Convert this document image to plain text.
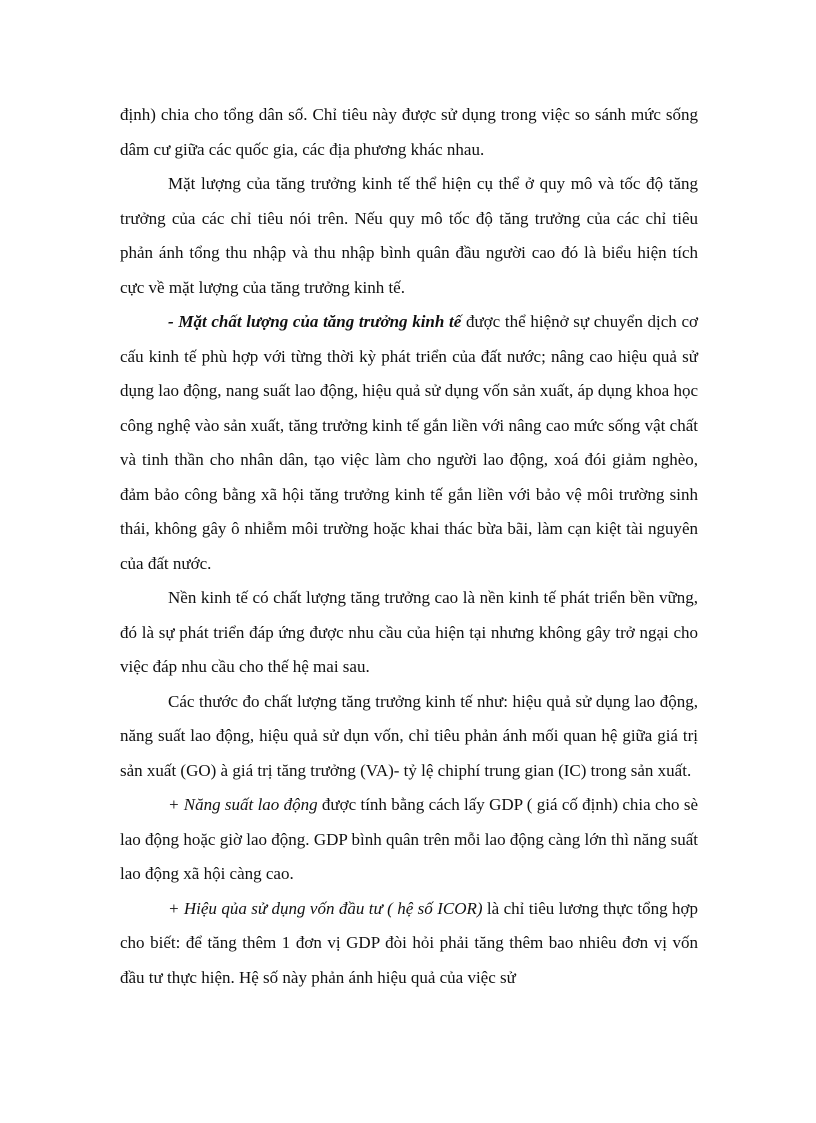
định) chia cho tổng dân số. Chỉ tiêu này được sử dụng trong việc so sánh mức sống dâm cư giữa các quốc gia, các địa phương khác nhau.

Mặt lượng của tăng trưởng kinh tế thể hiện cụ thể ở quy mô và tốc độ tăng trưởng của các chỉ tiêu nói trên. Nếu quy mô tốc độ tăng trưởng của các chỉ tiêu phản ánh tổng thu nhập và thu nhập bình quân đầu người cao đó là biểu hiện tích cực về mặt lượng của tăng trưởng kinh tế.

- Mặt chất lượng của tăng trưởng kinh tế được thể hiệnở sự chuyển dịch cơ cấu kinh tế phù hợp với từng thời kỳ phát triển của đất nước; nâng cao hiệu quả sử dụng lao động, nang suất lao động, hiệu quả sử dụng vốn sản xuất, áp dụng khoa học công nghệ vào sản xuất, tăng trưởng kinh tế gắn liền với nâng cao mức sống vật chất và tinh thần cho nhân dân, tạo việc làm cho người lao động, xoá đói giảm nghèo, đảm bảo công bằng xã hội tăng trưởng kinh tế gắn liền với bảo vệ môi trường sinh thái, không gây ô nhiễm môi trường hoặc khai thác bừa bãi, làm cạn kiệt tài nguyên của đất nước.

Nền kinh tế có chất lượng tăng trưởng cao là nền kinh tế phát triển bền vững, đó là sự phát triển đáp ứng được nhu cầu của hiện tại nhưng không gây trở ngại cho việc đáp nhu cầu cho thế hệ mai sau.

Các thước đo chất lượng tăng trưởng kinh tế như: hiệu quả sử dụng lao động, năng suất lao động, hiệu quả sử dụn vốn, chỉ tiêu phản ánh mối quan hệ giữa giá trị sản xuất (GO) à giá trị tăng trưởng (VA)- tỷ lệ chiphí trung gian (IC) trong sản xuất.

+ Năng suất lao động được tính bằng cách lấy GDP ( giá cố định) chia cho sè lao động hoặc giờ lao động. GDP bình quân trên mỗi lao động càng lớn thì năng suất lao động xã hội càng cao.

+ Hiệu qủa sử dụng vốn đầu tư ( hệ số ICOR) là chỉ tiêu lương thực tổng hợp cho biết: để tăng thêm 1 đơn vị GDP đòi hỏi phải tăng thêm bao nhiêu đơn vị vốn đầu tư thực hiện. Hệ số này phản ánh hiệu quả của việc sử
